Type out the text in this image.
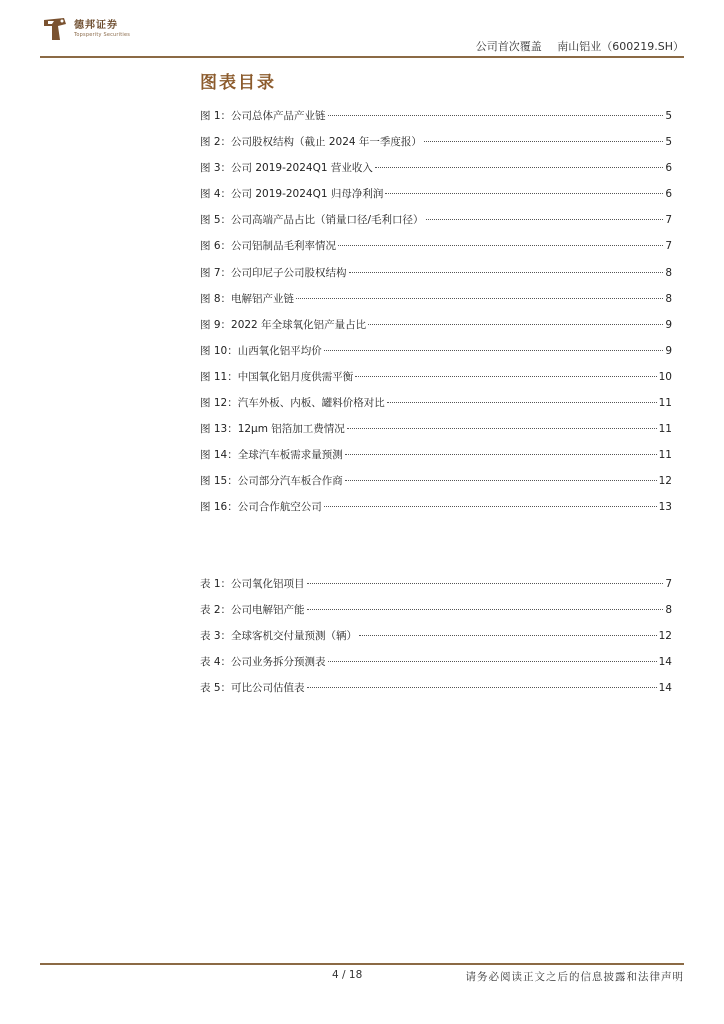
德邦证券
Topsperity Securities
公司首次覆盖 南山铝业（600219.SH）
图表目录
图 1：公司总体产品产业链	5
图 2：公司股权结构（截止 2024 年一季度报）	5
图 3：公司 2019-2024Q1 营业收入	6
图 4：公司 2019-2024Q1 归母净利润	6
图 5：公司高端产品占比（销量口径/毛利口径）	7
图 6：公司铝制品毛利率情况	7
图 7：公司印尼子公司股权结构	8
图 8：电解铝产业链	8
图 9：2022 年全球氧化铝产量占比	9
图 10：山西氧化铝平均价	9
图 11：中国氧化铝月度供需平衡	10
图 12：汽车外板、内板、罐料价格对比	11
图 13：12μm 铝箔加工费情况	11
图 14：全球汽车板需求量预测	11
图 15：公司部分汽车板合作商	12
图 16：公司合作航空公司	13
表 1：公司氧化铝项目	7
表 2：公司电解铝产能	8
表 3：全球客机交付量预测（辆）	12
表 4：公司业务拆分预测表	14
表 5：可比公司估值表	14
4 / 18	请务必阅读正文之后的信息披露和法律声明
